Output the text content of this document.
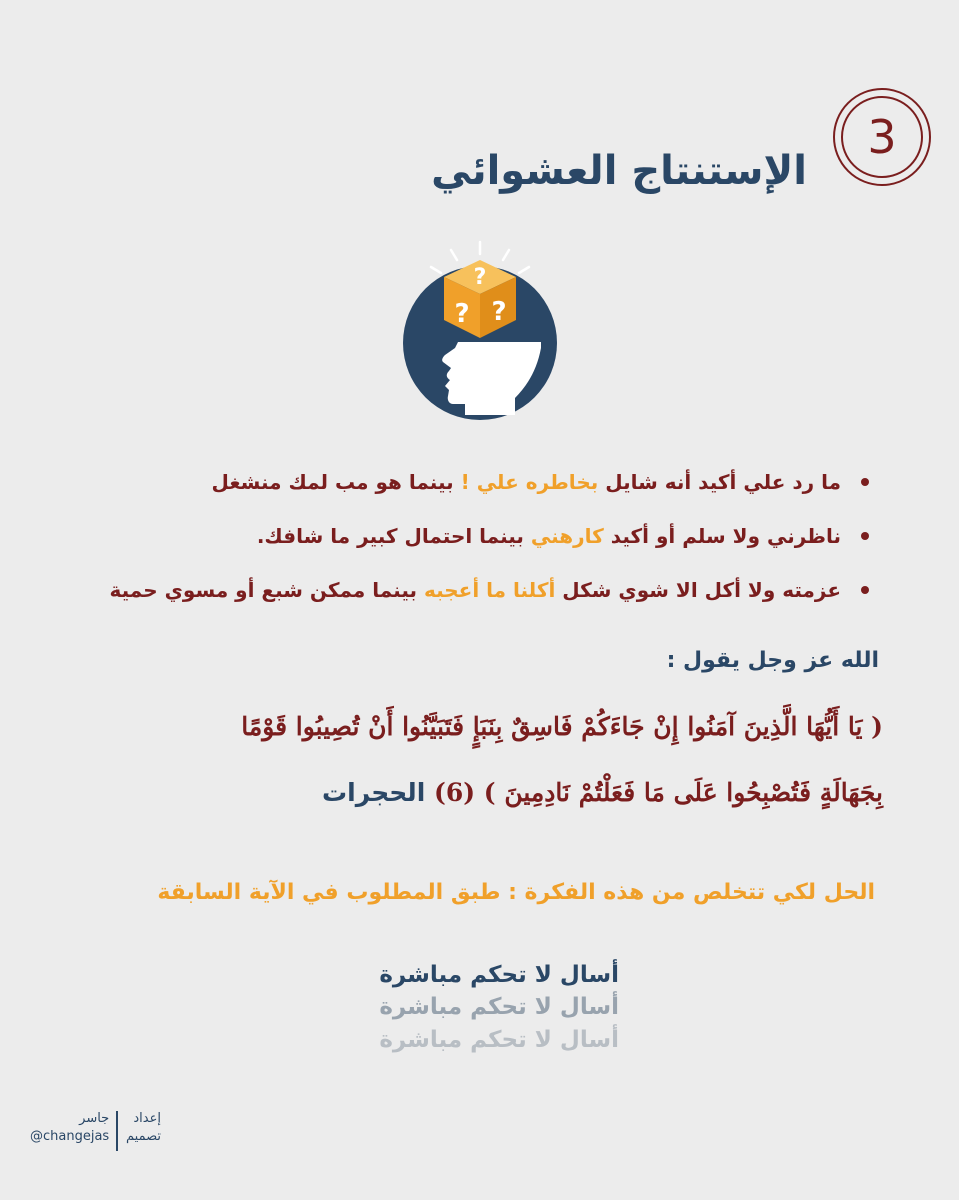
3
الإستنتاج العشوائي
?
? ?
ما رد علي أكيد أنه شايل بخاطره علي ! بينما هو مب لمك منشغل
ناظرني ولا سلم أو أكيد كارهني بينما احتمال كبير ما شافك.
عزمته ولا أكل الا شوي شكل أكلنا ما أعجبه بينما ممكن شبع أو مسوي حمية
الله عز وجل يقول :
( يَا أَيُّهَا الَّذِينَ آمَنُوا إِنْ جَاءَكُمْ فَاسِقٌ بِنَبَإٍ فَتَبَيَّنُوا أَنْ تُصِيبُوا قَوْمًا
بِجَهَالَةٍ فَتُصْبِحُوا عَلَى مَا فَعَلْتُمْ نَادِمِينَ ) (6) الحجرات
الحل لكي تتخلص من هذه الفكرة : طبق المطلوب في الآية السابقة
أسال لا تحكم مباشرة
أسال لا تحكم مباشرة
أسال لا تحكم مباشرة
إعداد
تصميم
جاسر
@changejas
